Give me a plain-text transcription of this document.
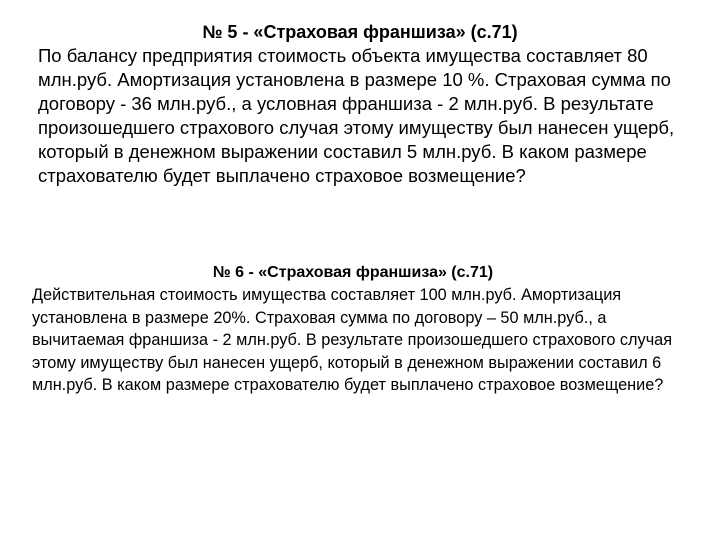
№ 5 - «Страховая франшиза» (с.71)

По балансу предприятия стоимость объекта имущества составляет 80 млн.руб. Амортизация установлена в размере 10 %. Страховая сумма по договору - 36 млн.руб., а условная франшиза - 2 млн.руб. В результате произошедшего страхового случая этому имуществу был нанесен ущерб, который в денежном выражении составил 5 млн.руб. В каком размере страхователю будет выплачено страховое возмещение?

№ 6 - «Страховая франшиза» (с.71)

Действительная стоимость имущества составляет 100 млн.руб. Амортизация установлена в размере 20%. Страховая сумма по договору – 50 млн.руб., а вычитаемая франшиза - 2 млн.руб. В результате произошедшего страхового случая этому имуществу был нанесен ущерб, который в денежном выражении составил 6 млн.руб. В каком размере страхователю будет выплачено страховое возмещение?
